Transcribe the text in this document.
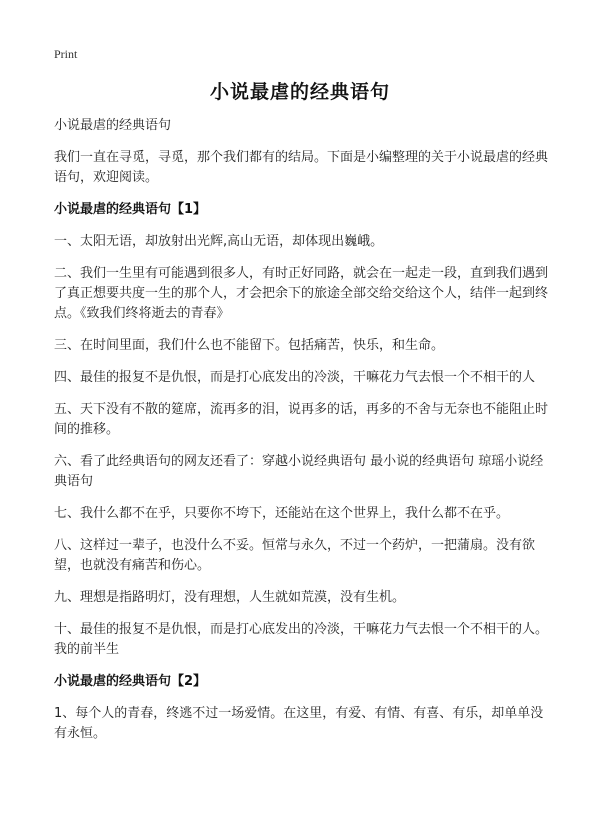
Print
小说最虐的经典语句

小说最虐的经典语句

我们一直在寻觅，寻觅，那个我们都有的结局。下面是小编整理的关于小说最虐的经典语句，欢迎阅读。

小说最虐的经典语句【1】

一、太阳无语，却放射出光辉,高山无语，却体现出巍峨。

二、我们一生里有可能遇到很多人，有时正好同路，就会在一起走一段，直到我们遇到了真正想要共度一生的那个人，才会把余下的旅途全部交给交给这个人，结伴一起到终点。《致我们终将逝去的青春》

三、在时间里面，我们什么也不能留下。包括痛苦，快乐，和生命。

四、最佳的报复不是仇恨，而是打心底发出的冷淡，干嘛花力气去恨一个不相干的人

五、天下没有不散的筵席，流再多的泪，说再多的话，再多的不舍与无奈也不能阻止时间的推移。

六、看了此经典语句的网友还看了：穿越小说经典语句 最小说的经典语句 琼瑶小说经典语句

七、我什么都不在乎，只要你不垮下，还能站在这个世界上，我什么都不在乎。

八、这样过一辈子，也没什么不妥。恒常与永久，不过一个药炉，一把蒲扇。没有欲望，也就没有痛苦和伤心。

九、理想是指路明灯，没有理想，人生就如荒漠，没有生机。

十、最佳的报复不是仇恨，而是打心底发出的冷淡，干嘛花力气去恨一个不相干的人。我的前半生

小说最虐的经典语句【2】

1、每个人的青春，终逃不过一场爱情。在这里，有爱、有情、有喜、有乐，却单单没有永恒。
